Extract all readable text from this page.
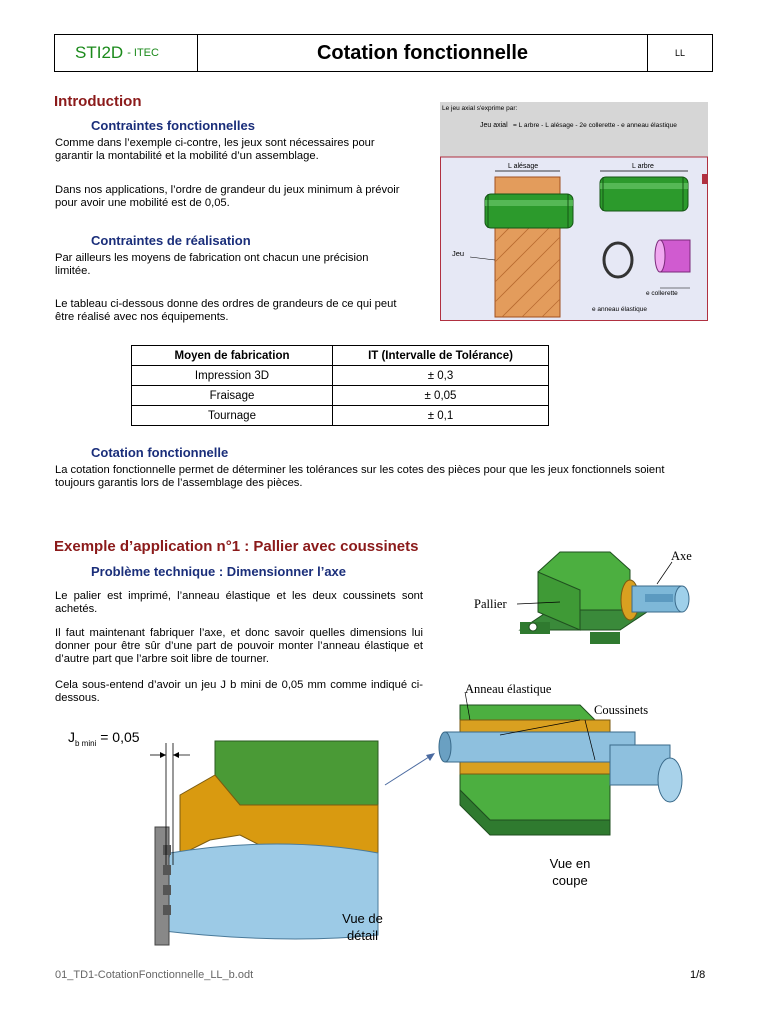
STI2D - ITEC	Cotation fonctionnelle	LL
Introduction
Contraintes fonctionnelles

Comme dans l’exemple ci-contre, les jeux sont nécessaires pour garantir la montabilité et la mobilité d’un assemblage.

Dans nos applications, l’ordre de grandeur du jeux minimum à prévoir pour avoir une mobilité est de 0,05.

Contraintes de réalisation

Par ailleurs les moyens de fabrication ont chacun une précision limitée.

Le tableau ci-dessous donne des ordres de grandeurs de ce qui peut être réalisé avec nos équipements.

Le jeu axial s'exprime par:
Jeu axial = L arbre - L alésage - 2e collerette - e anneau élastique
L alésage	L arbre
Jeu
e collerette
e anneau élastique
Moyen de fabrication	IT (Intervalle de Tolérance)
Impression 3D	± 0,3
Fraisage	± 0,05
Tournage	± 0,1
Cotation fonctionnelle

La cotation fonctionnelle permet de déterminer les tolérances sur les cotes des pièces pour que les jeux fonctionnels soient toujours garantis lors de l’assemblage des pièces.

Exemple d’application n°1 : Pallier avec coussinets
Problème technique : Dimensionner l’axe

Le palier est imprimé, l’anneau élastique et les deux coussinets sont achetés.

Il faut maintenant fabriquer l’axe, et donc savoir quelles dimensions lui donner pour être sûr d’une part de pouvoir monter l’anneau élastique et d’autre part que l’arbre soit libre de tourner.

Cela sous-entend d’avoir un jeu J b mini de 0,05 mm comme indiqué ci-dessous.

Axe
Pallier
Anneau élastique
Coussinets
$J_{b mini} = 0,05$
Vue en
coupe
Vue de
détail
01_TD1-CotationFonctionnelle_LL_b.odt	1/8
